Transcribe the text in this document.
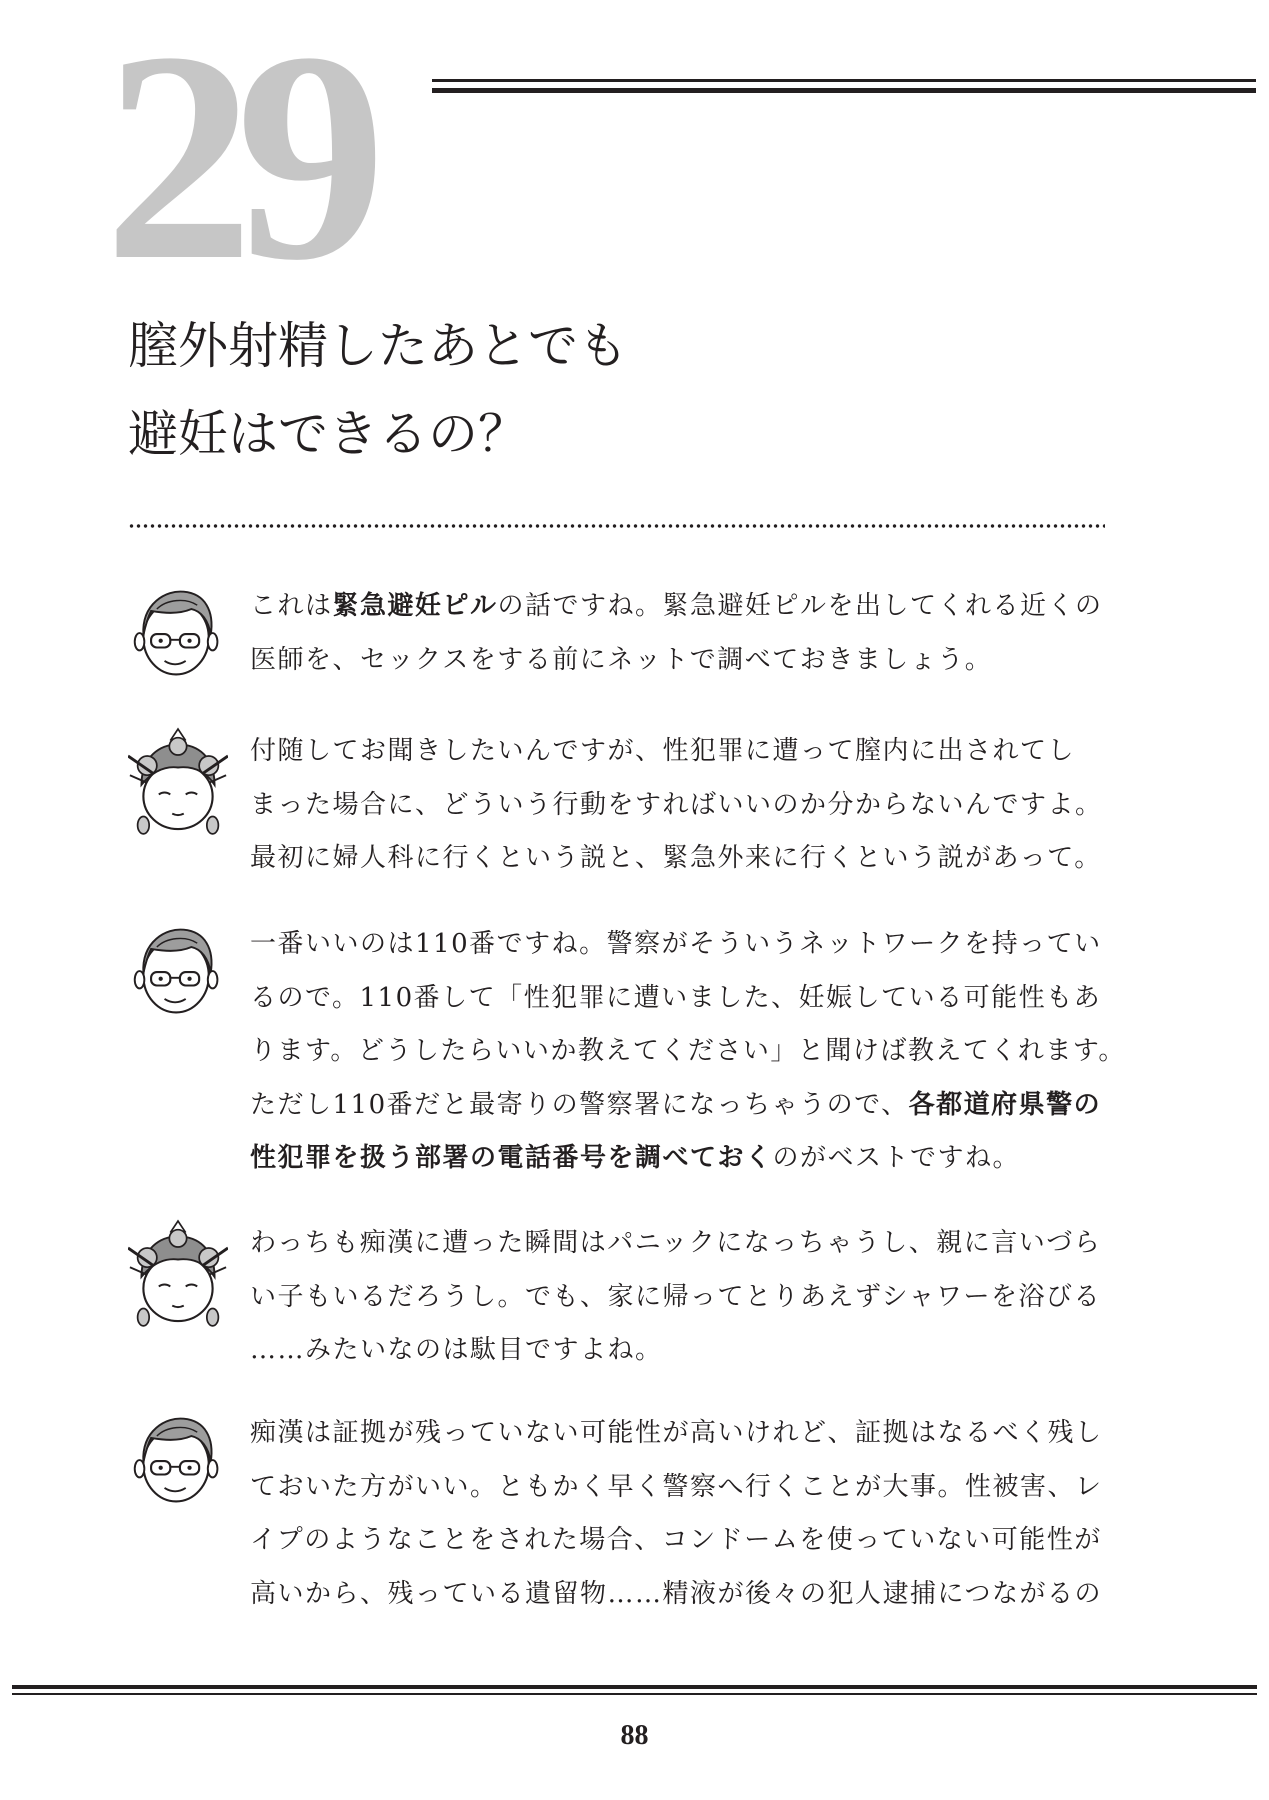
29
膣外射精したあとでも
避妊はできるの？

これは緊急避妊ピルの話ですね。緊急避妊ピルを出してくれる近くの

医師を、セックスをする前にネットで調べておきましょう。

付随してお聞きしたいんですが、性犯罪に遭って膣内に出されてし

まった場合に、どういう行動をすればいいのか分からないんですよ。

最初に婦人科に行くという説と、緊急外来に行くという説があって。

一番いいのは110番ですね。警察がそういうネットワークを持ってい

るので。110番して「性犯罪に遭いました、妊娠している可能性もあ

ります。どうしたらいいか教えてください」と聞けば教えてくれます。

ただし110番だと最寄りの警察署になっちゃうので、各都道府県警の

性犯罪を扱う部署の電話番号を調べておくのがベストですね。

わっちも痴漢に遭った瞬間はパニックになっちゃうし、親に言いづら

い子もいるだろうし。でも、家に帰ってとりあえずシャワーを浴びる

……みたいなのは駄目ですよね。

痴漢は証拠が残っていない可能性が高いけれど、証拠はなるべく残し

ておいた方がいい。ともかく早く警察へ行くことが大事。性被害、レ

イプのようなことをされた場合、コンドームを使っていない可能性が

高いから、残っている遺留物……精液が後々の犯人逮捕につながるの

88
